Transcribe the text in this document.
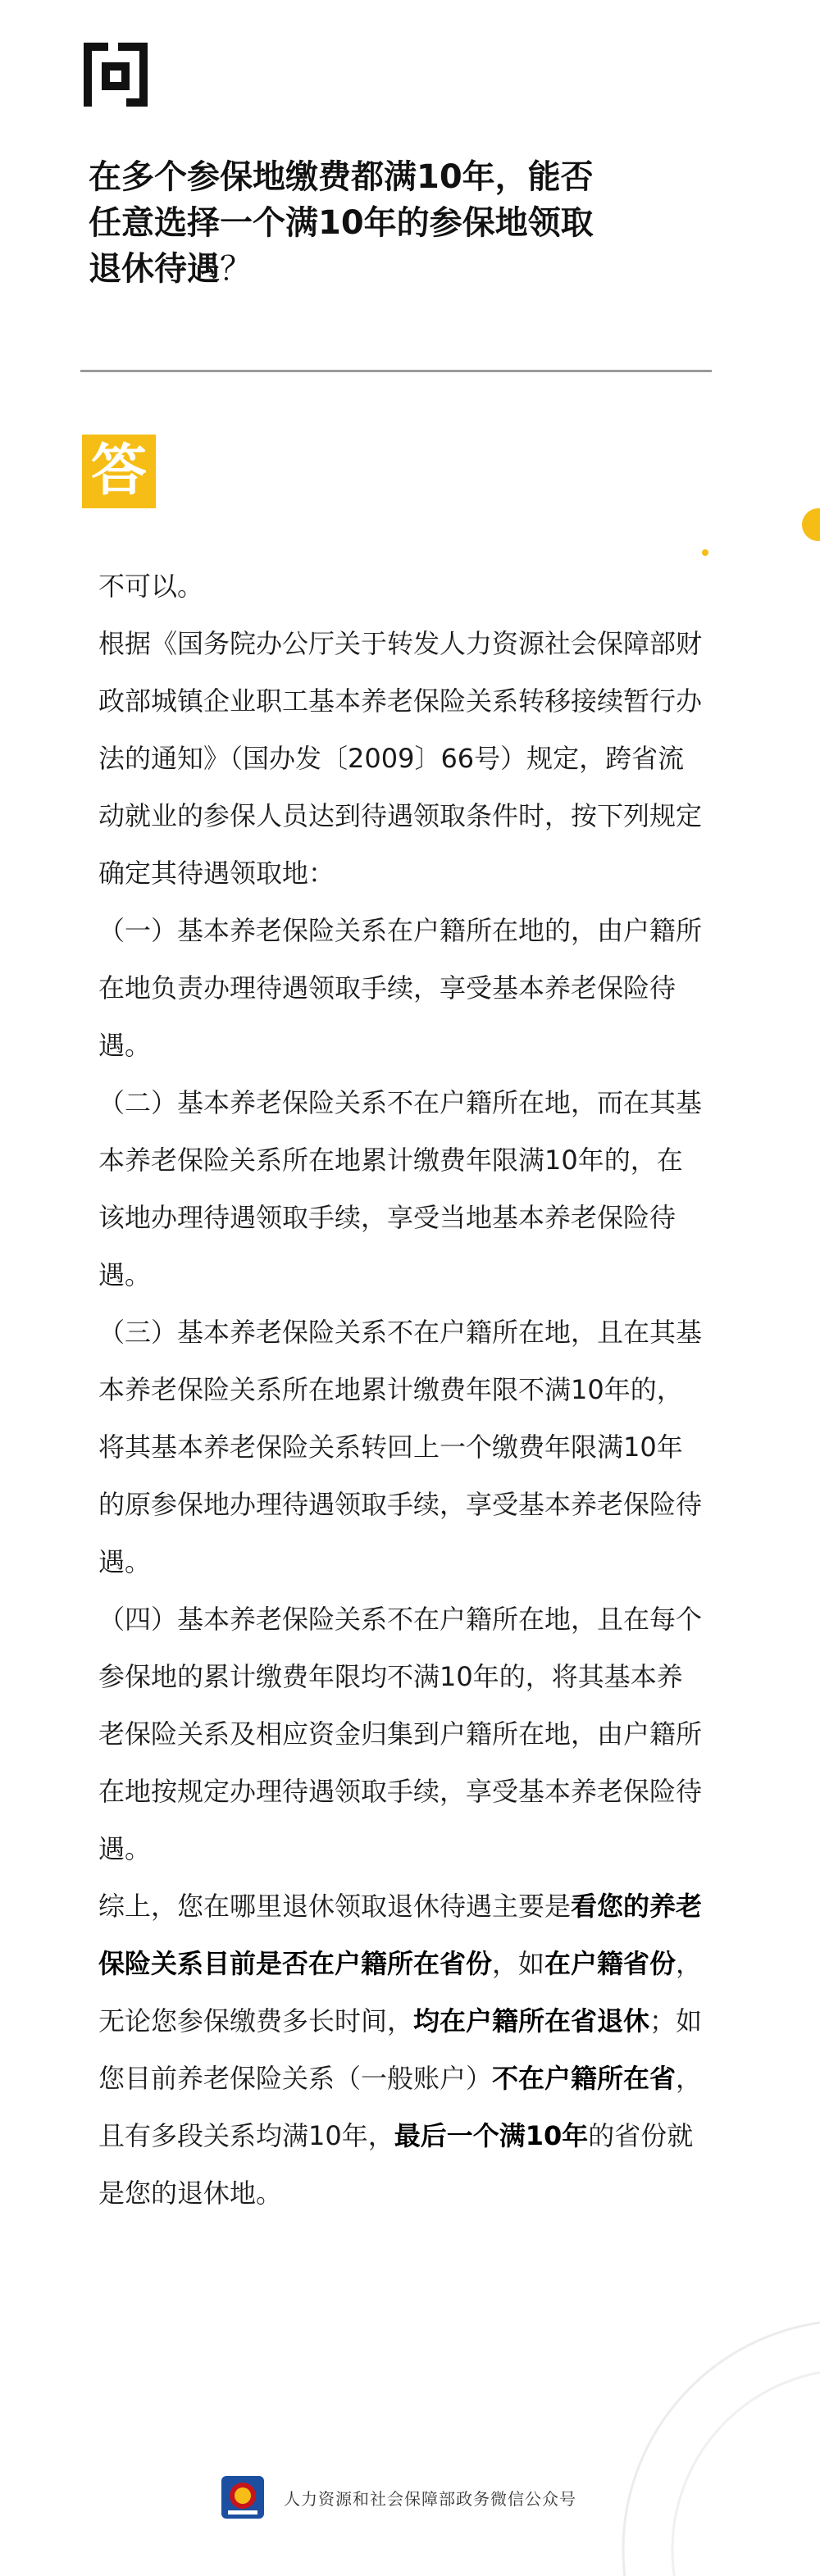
在多个参保地缴费都满10年，能否
任意选择一个满10年的参保地领取
退休待遇？
答

不可以。

根据《国务院办公厅关于转发人力资源社会保障部财政部城镇企业职工基本养老保险关系转移接续暂行办法的通知》（国办发〔2009〕66号）规定，跨省流动就业的参保人员达到待遇领取条件时，按下列规定确定其待遇领取地：

（一）基本养老保险关系在户籍所在地的，由户籍所在地负责办理待遇领取手续，享受基本养老保险待遇。

（二）基本养老保险关系不在户籍所在地，而在其基本养老保险关系所在地累计缴费年限满10年的，在该地办理待遇领取手续，享受当地基本养老保险待遇。

（三）基本养老保险关系不在户籍所在地，且在其基本养老保险关系所在地累计缴费年限不满10年的，将其基本养老保险关系转回上一个缴费年限满10年的原参保地办理待遇领取手续，享受基本养老保险待遇。

（四）基本养老保险关系不在户籍所在地，且在每个参保地的累计缴费年限均不满10年的，将其基本养老保险关系及相应资金归集到户籍所在地，由户籍所在地按规定办理待遇领取手续，享受基本养老保险待遇。

综上，您在哪里退休领取退休待遇主要是看您的养老保险关系目前是否在户籍所在省份，如在户籍省份，无论您参保缴费多长时间，均在户籍所在省退休；如您目前养老保险关系（一般账户）不在户籍所在省，且有多段关系均满10年，最后一个满10年的省份就是您的退休地。

人力资源和社会保障部政务微信公众号
